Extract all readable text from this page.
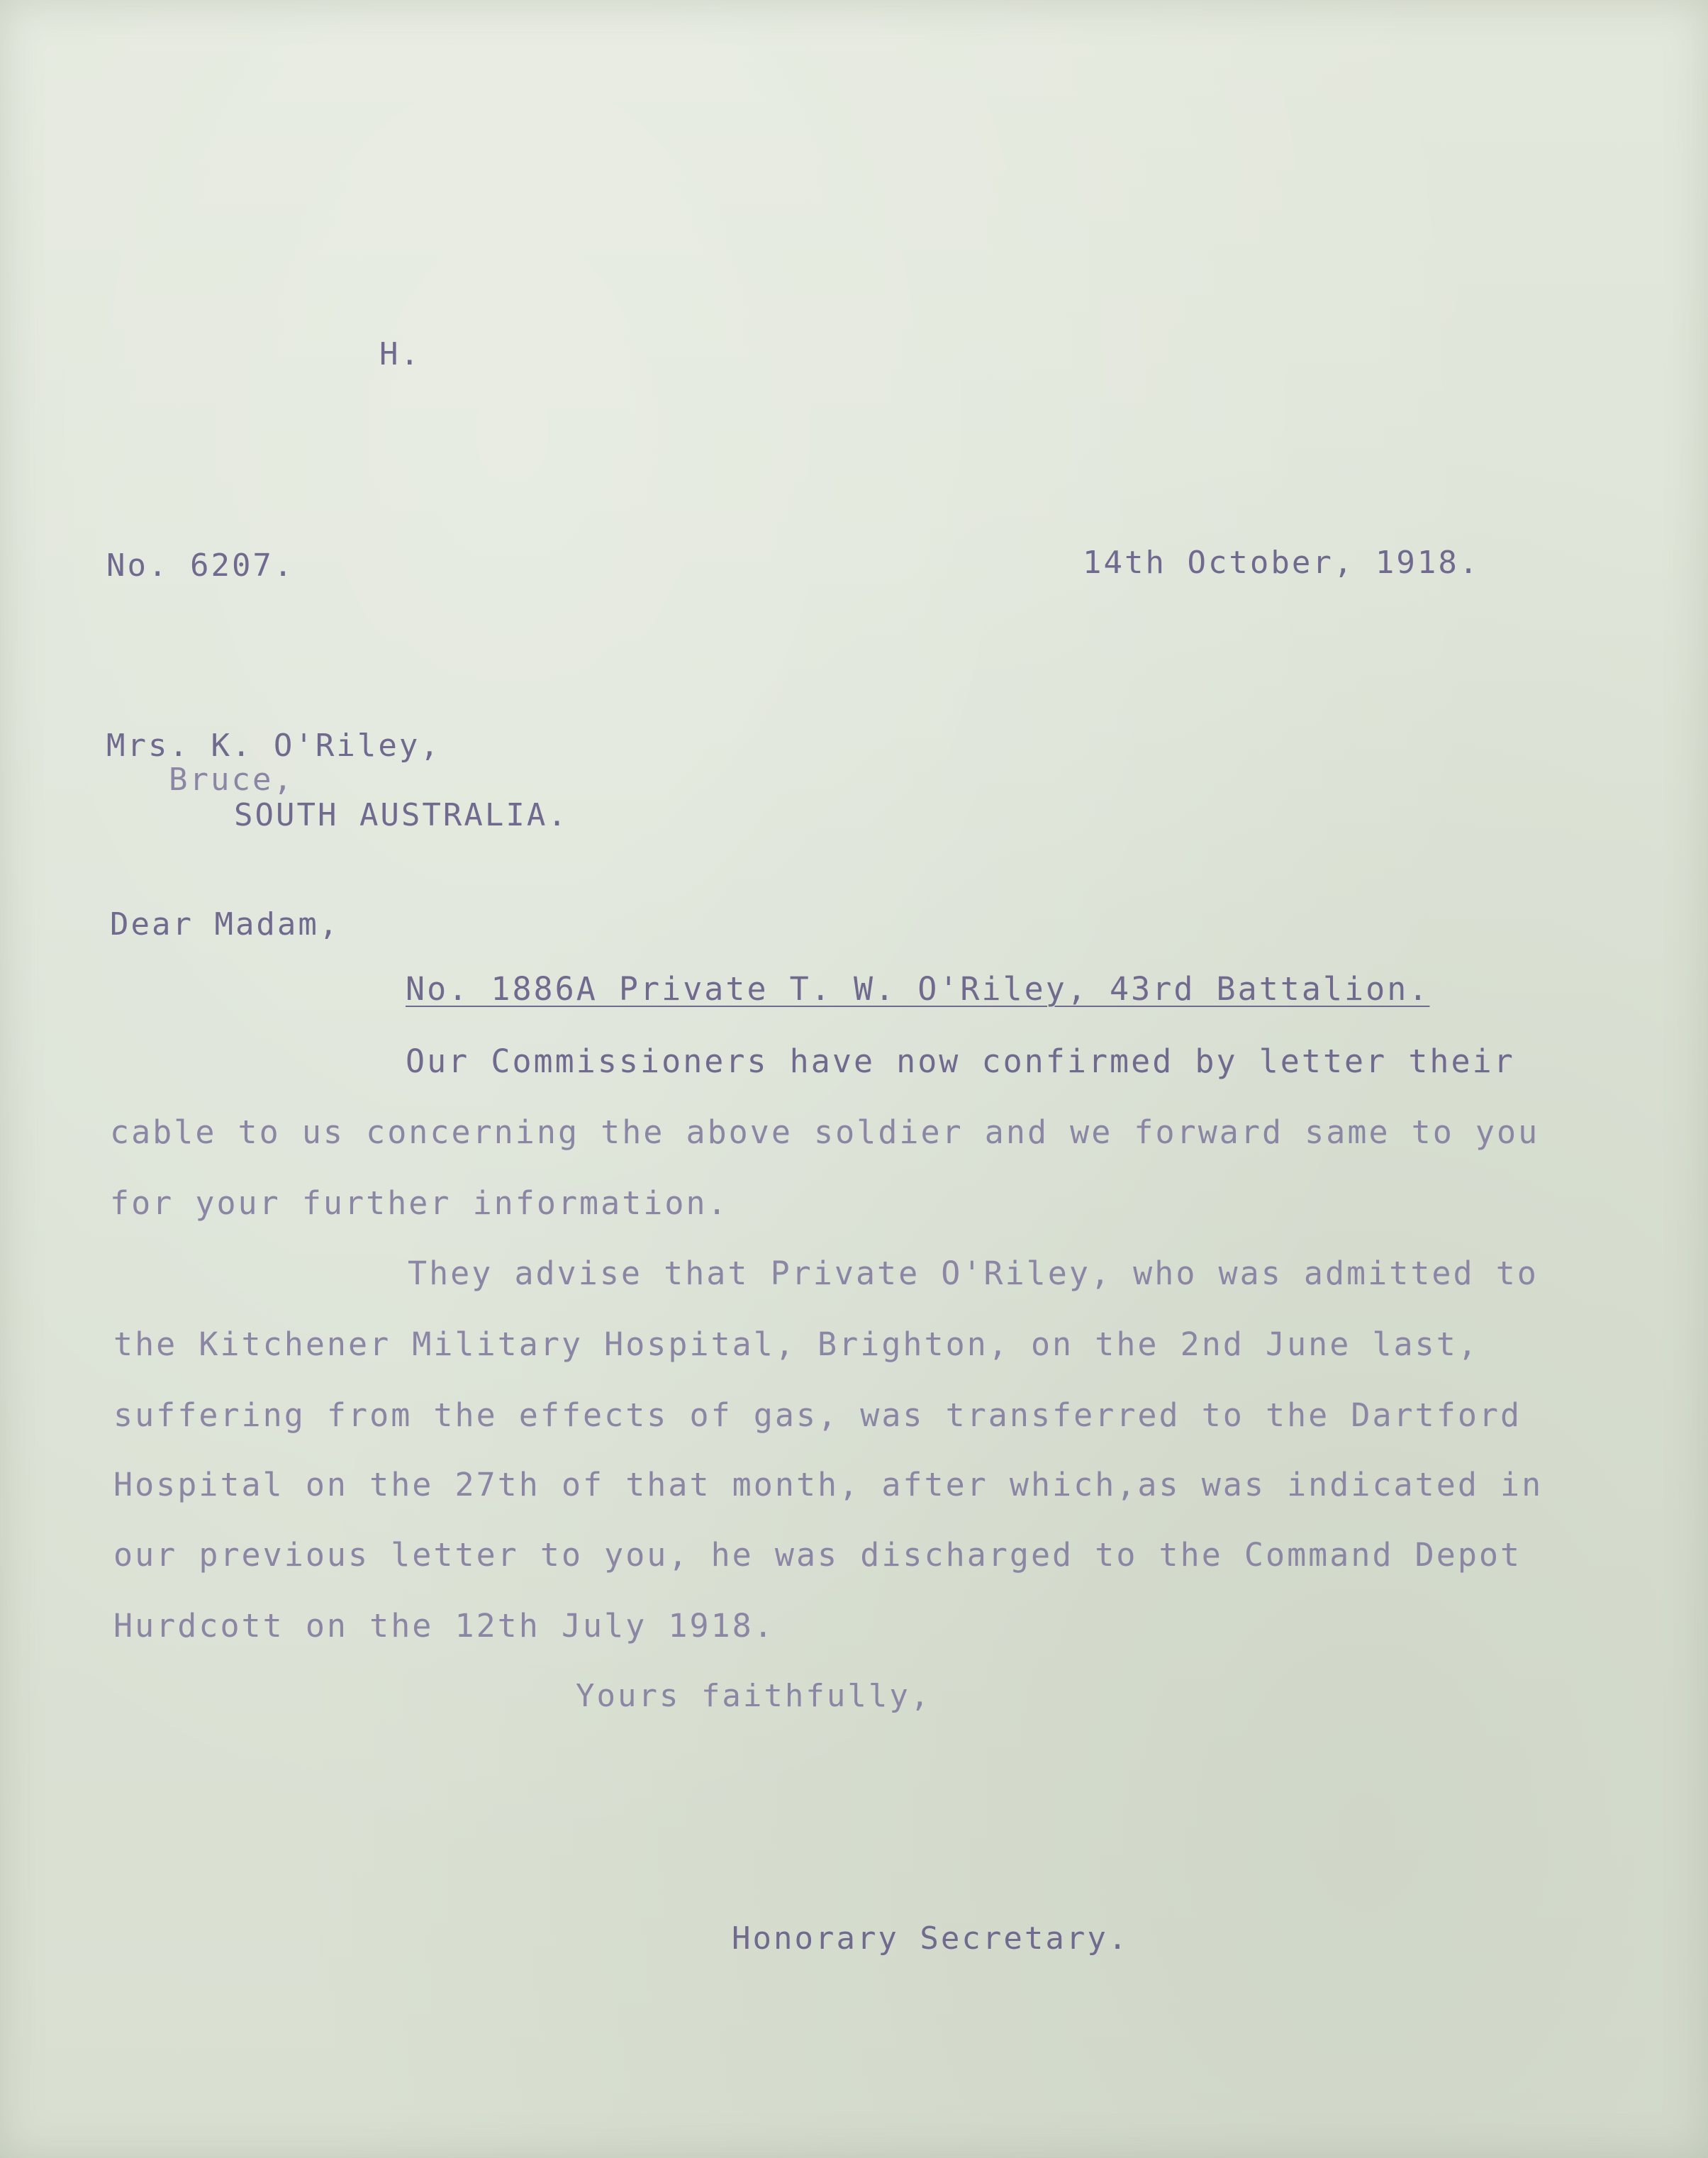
H.
No. 6207.	14th October, 1918.
Mrs. K. O'Riley,
Bruce,
SOUTH AUSTRALIA.
Dear Madam,
No. 1886A Private T. W. O'Riley, 43rd Battalion.
Our Commissioners have now confirmed by letter their
cable to us concerning the above soldier and we forward same to you
for your further information.
They advise that Private O'Riley, who was admitted to
the Kitchener Military Hospital, Brighton, on the 2nd June last,
suffering from the effects of gas, was transferred to the Dartford
Hospital on the 27th of that month, after which,as was indicated in
our previous letter to you, he was discharged to the Command Depot
Hurdcott on the 12th July 1918.
Yours faithfully,
Honorary Secretary.
